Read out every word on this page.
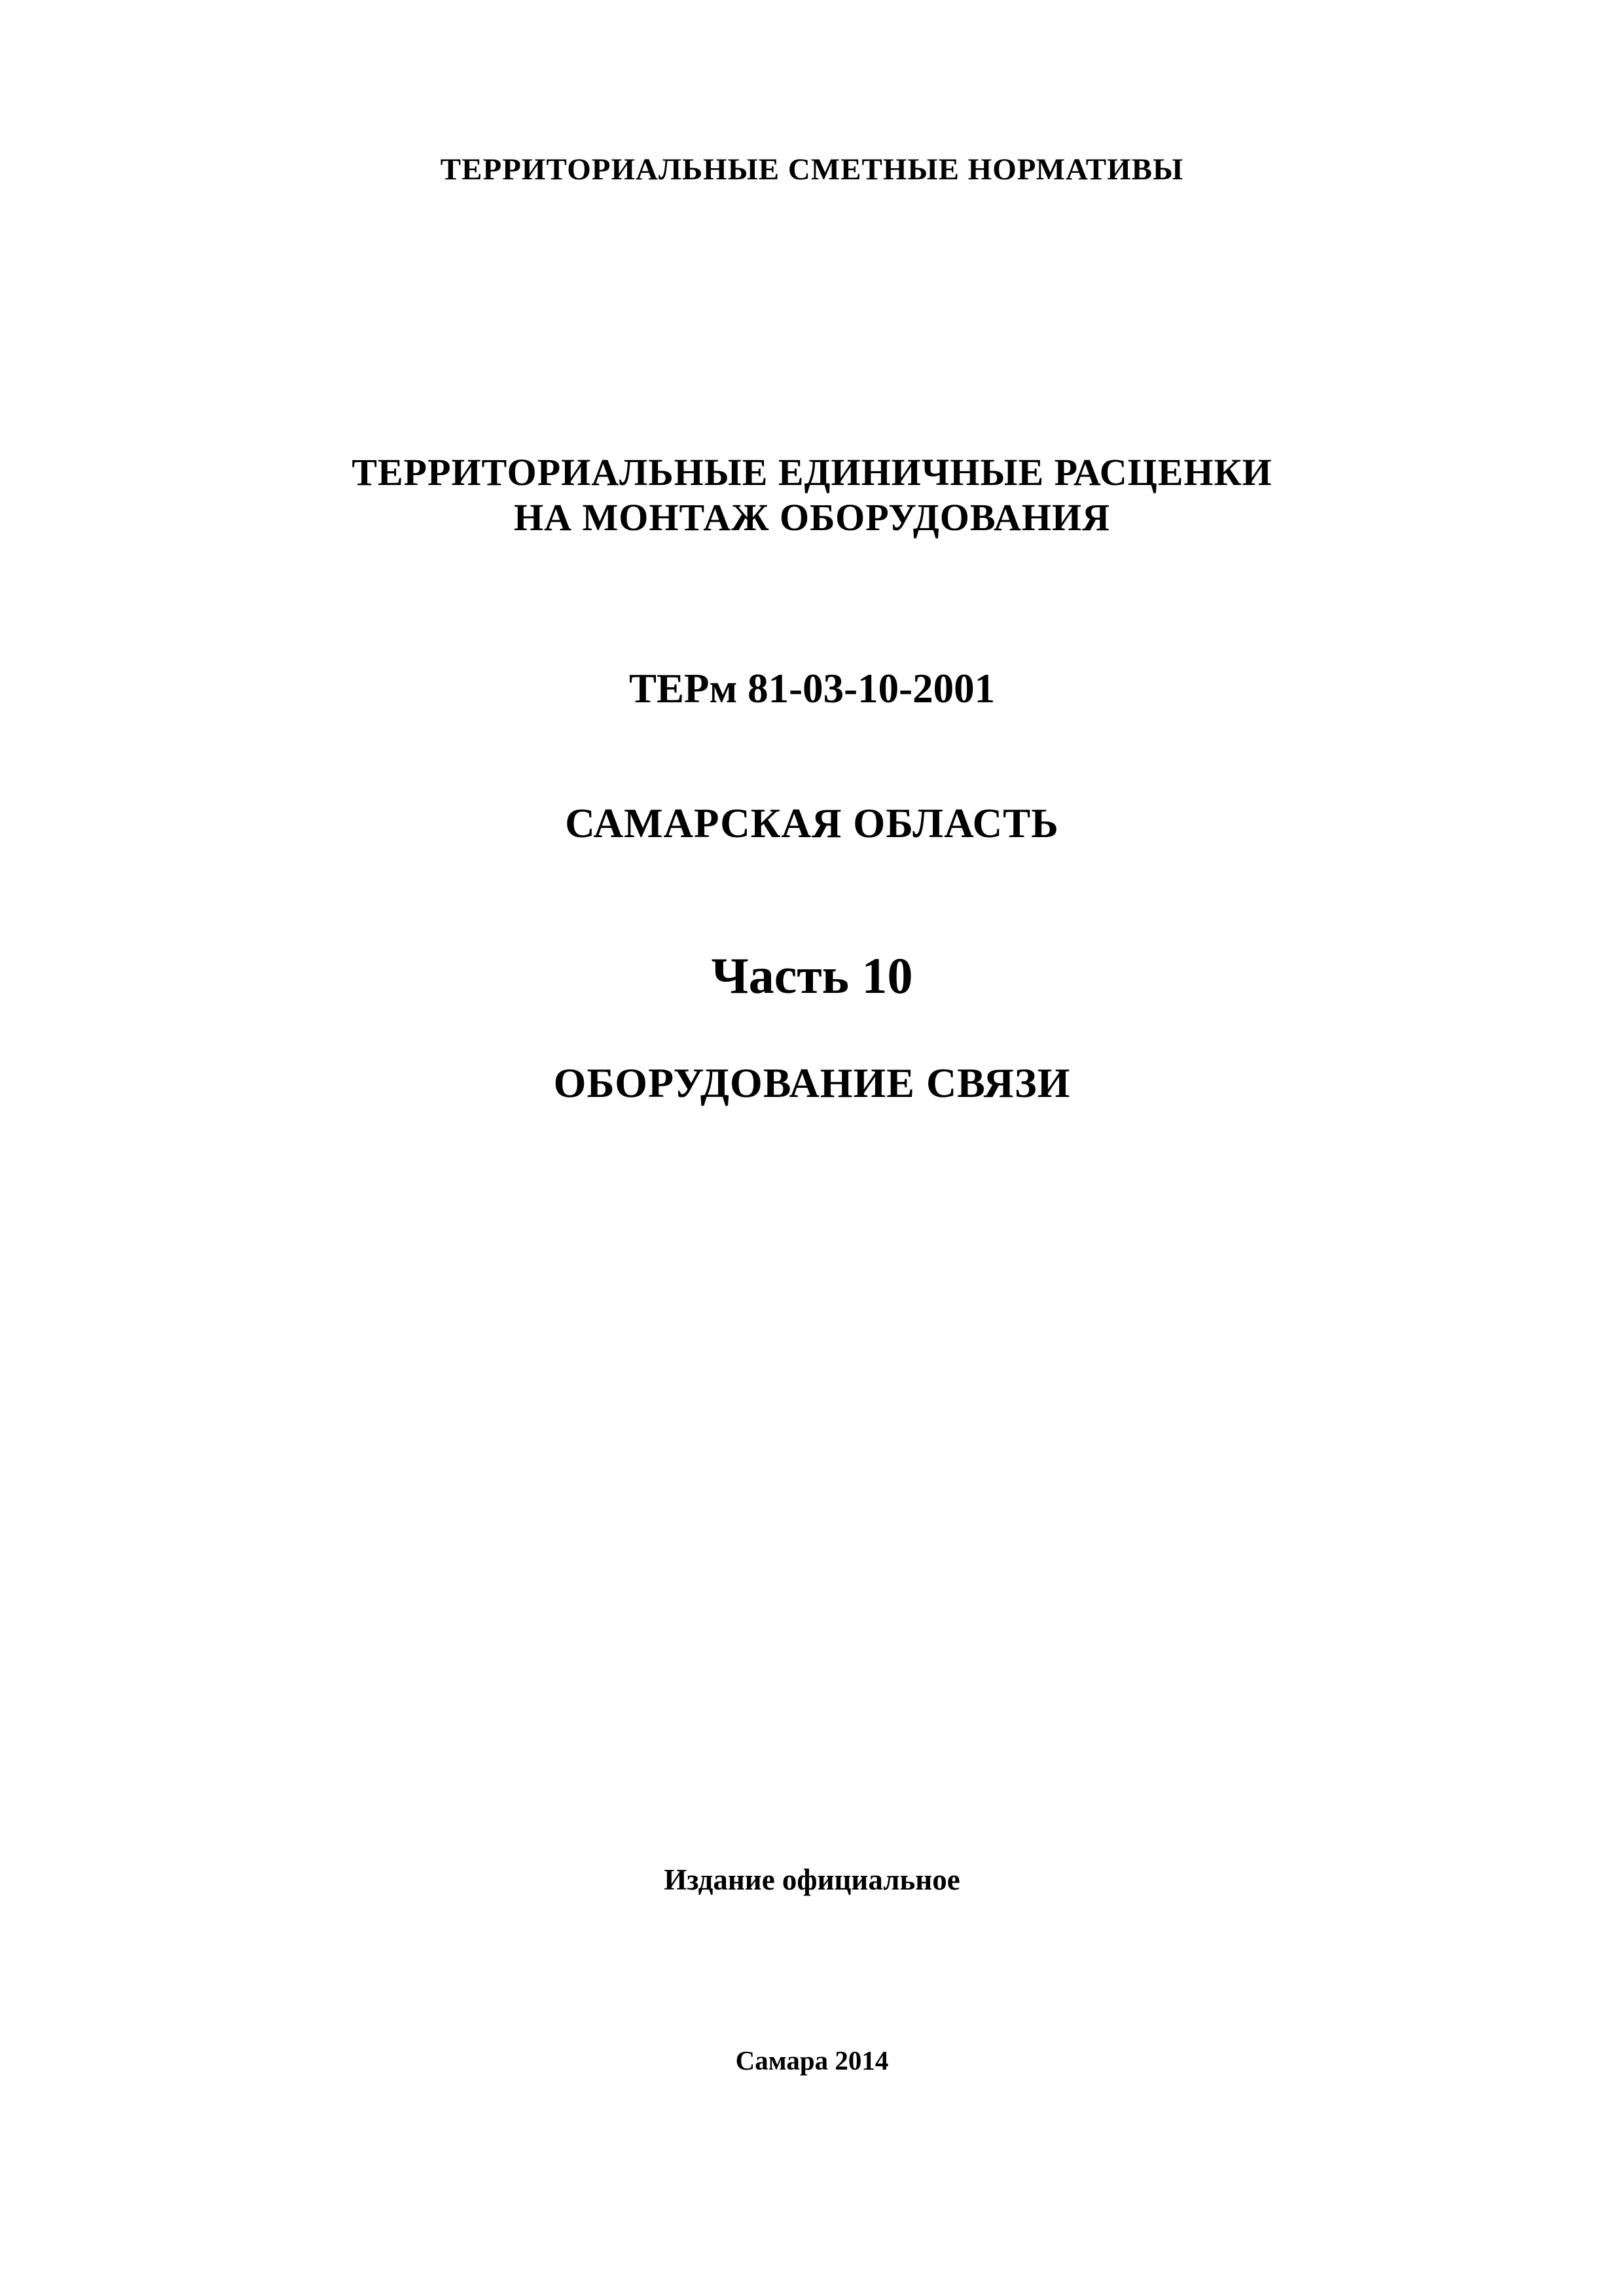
ТЕРРИТОРИАЛЬНЫЕ СМЕТНЫЕ НОРМАТИВЫ

ТЕРРИТОРИАЛЬНЫЕ ЕДИНИЧНЫЕ РАСЦЕНКИ

НА МОНТАЖ ОБОРУДОВАНИЯ

ТЕРм 81-03-10-2001

САМАРСКАЯ ОБЛАСТЬ

Часть 10

ОБОРУДОВАНИЕ СВЯЗИ

Издание официальное

Самара 2014
